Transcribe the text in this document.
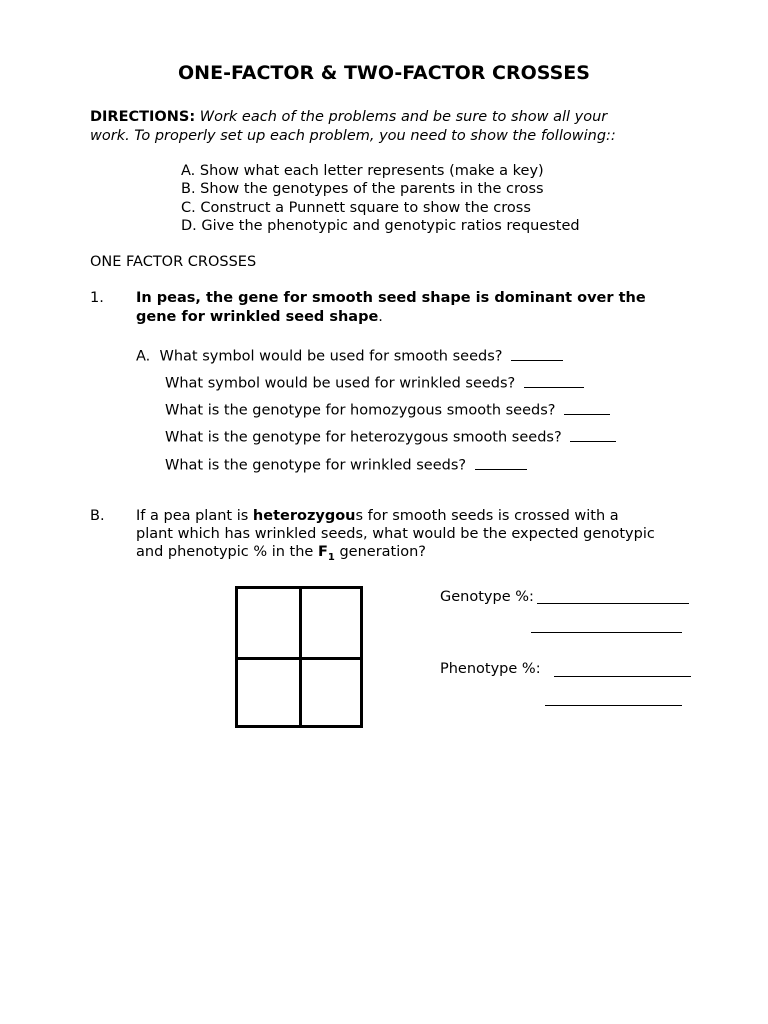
ONE-FACTOR & TWO-FACTOR CROSSES
DIRECTIONS: Work each of the problems and be sure to show all your
work. To properly set up each problem, you need to show the following::
A. Show what each letter represents (make a key)
B. Show the genotypes of the parents in the cross
C. Construct a Punnett square to show the cross
D. Give the phenotypic and genotypic ratios requested
ONE FACTOR CROSSES
1. In peas, the gene for smooth seed shape is dominant over the
gene for wrinkled seed shape.
A. What symbol would be used for smooth seeds?
What symbol would be used for wrinkled seeds?
What is the genotype for homozygous smooth seeds?
What is the genotype for heterozygous smooth seeds?
What is the genotype for wrinkled seeds?
B. If a pea plant is heterozygous for smooth seeds is crossed with a
plant which has wrinkled seeds, what would be the expected genotypic
and phenotypic % in the $F_1$ generation?
Genotype %:
Phenotype %:
